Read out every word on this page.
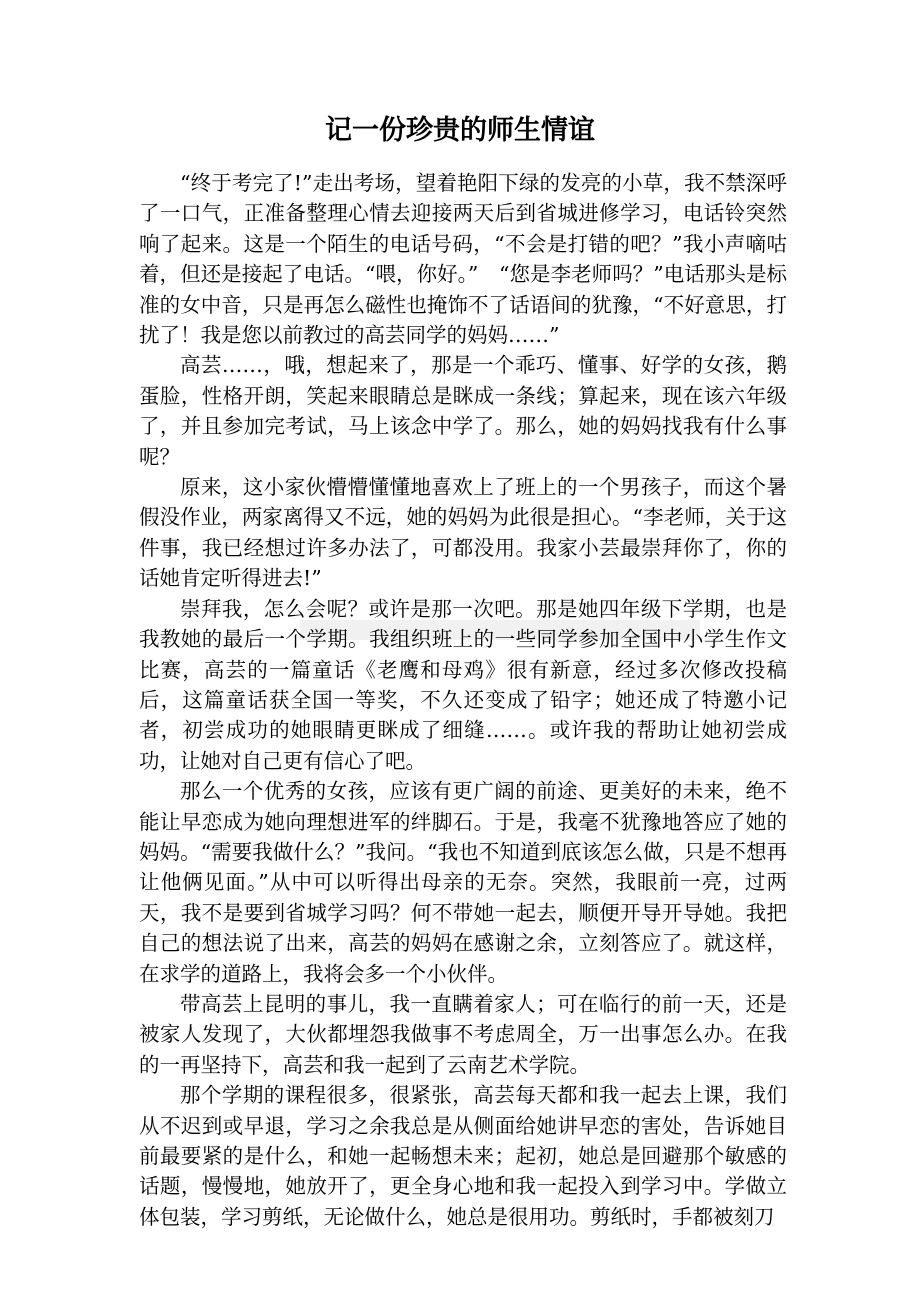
记一份珍贵的师生情谊

“终于考完了!”走出考场，望着艳阳下绿的发亮的小草，我不禁深呼了一口气，正准备整理心情去迎接两天后到省城进修学习，电话铃突然响了起来。这是一个陌生的电话号码，“不会是打错的吧？”我小声嘀咕着，但还是接起了电话。“喂，你好。”　“您是李老师吗？”电话那头是标准的女中音，只是再怎么磁性也掩饰不了话语间的犹豫，“不好意思，打扰了！我是您以前教过的高芸同学的妈妈……”

高芸……，哦，想起来了，那是一个乖巧、懂事、好学的女孩，鹅蛋脸，性格开朗，笑起来眼睛总是眯成一条线；算起来，现在该六年级了，并且参加完考试，马上该念中学了。那么，她的妈妈找我有什么事呢？

原来，这小家伙懵懵懂懂地喜欢上了班上的一个男孩子，而这个暑假没作业，两家离得又不远，她的妈妈为此很是担心。“李老师，关于这件事，我已经想过许多办法了，可都没用。我家小芸最崇拜你了，你的话她肯定听得进去!”

崇拜我，怎么会呢？或许是那一次吧。那是她四年级下学期，也是我教她的最后一个学期。我组织班上的一些同学参加全国中小学生作文比赛，高芸的一篇童话《老鹰和母鸡》很有新意，经过多次修改投稿后，这篇童话获全国一等奖，不久还变成了铅字；她还成了特邀小记者，初尝成功的她眼睛更眯成了细缝……。或许我的帮助让她初尝成功，让她对自己更有信心了吧。

那么一个优秀的女孩，应该有更广阔的前途、更美好的未来，绝不能让早恋成为她向理想进军的绊脚石。于是，我毫不犹豫地答应了她的妈妈。“需要我做什么？”我问。“我也不知道到底该怎么做，只是不想再让他俩见面。”从中可以听得出母亲的无奈。突然，我眼前一亮，过两天，我不是要到省城学习吗？何不带她一起去，顺便开导开导她。我把自己的想法说了出来，高芸的妈妈在感谢之余，立刻答应了。就这样，在求学的道路上，我将会多一个小伙伴。

带高芸上昆明的事儿，我一直瞒着家人；可在临行的前一天，还是被家人发现了，大伙都埋怨我做事不考虑周全，万一出事怎么办。在我的一再坚持下，高芸和我一起到了云南艺术学院。

那个学期的课程很多，很紧张，高芸每天都和我一起去上课，我们从不迟到或早退，学习之余我总是从侧面给她讲早恋的害处，告诉她目前最要紧的是什么，和她一起畅想未来；起初，她总是回避那个敏感的话题，慢慢地，她放开了，更全身心地和我一起投入到学习中。学做立体包装，学习剪纸，无论做什么，她总是很用功。剪纸时，手都被刻刀
